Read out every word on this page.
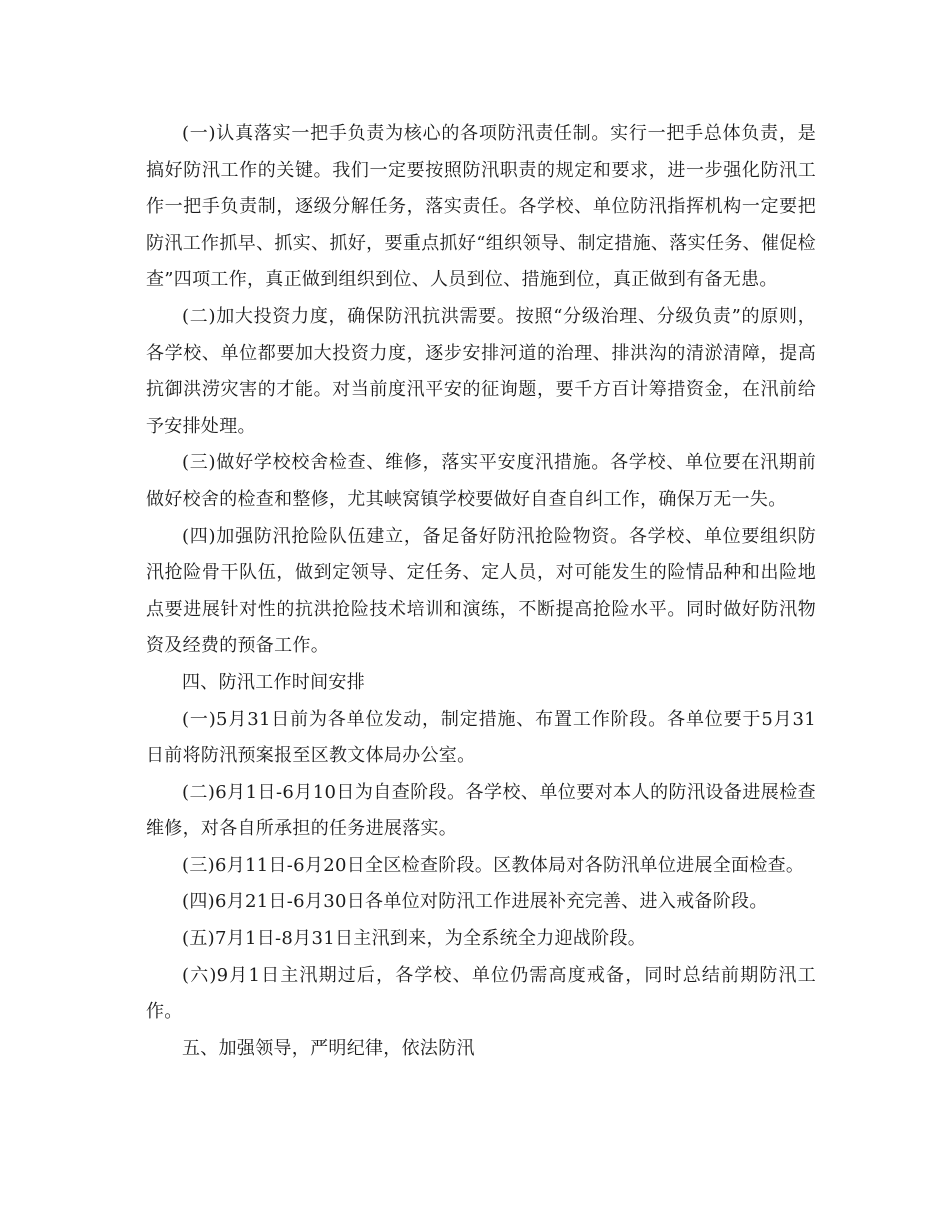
(一)认真落实一把手负责为核心的各项防汛责任制。实行一把手总体负责，是搞好防汛工作的关键。我们一定要按照防汛职责的规定和要求，进一步强化防汛工作一把手负责制，逐级分解任务，落实责任。各学校、单位防汛指挥机构一定要把防汛工作抓早、抓实、抓好，要重点抓好“组织领导、制定措施、落实任务、催促检查”四项工作，真正做到组织到位、人员到位、措施到位，真正做到有备无患。

(二)加大投资力度，确保防汛抗洪需要。按照“分级治理、分级负责”的原则，各学校、单位都要加大投资力度，逐步安排河道的治理、排洪沟的清淤清障，提高抗御洪涝灾害的才能。对当前度汛平安的征询题，要千方百计筹措资金，在汛前给予安排处理。

(三)做好学校校舍检查、维修，落实平安度汛措施。各学校、单位要在汛期前做好校舍的检查和整修，尤其峡窝镇学校要做好自查自纠工作，确保万无一失。

(四)加强防汛抢险队伍建立，备足备好防汛抢险物资。各学校、单位要组织防汛抢险骨干队伍，做到定领导、定任务、定人员，对可能发生的险情品种和出险地点要进展针对性的抗洪抢险技术培训和演练，不断提高抢险水平。同时做好防汛物资及经费的预备工作。

四、防汛工作时间安排

(一)5月31日前为各单位发动，制定措施、布置工作阶段。各单位要于5月31日前将防汛预案报至区教文体局办公室。

(二)6月1日-6月10日为自查阶段。各学校、单位要对本人的防汛设备进展检查维修，对各自所承担的任务进展落实。

(三)6月11日-6月20日全区检查阶段。区教体局对各防汛单位进展全面检查。

(四)6月21日-6月30日各单位对防汛工作进展补充完善、进入戒备阶段。

(五)7月1日-8月31日主汛到来，为全系统全力迎战阶段。

(六)9月1日主汛期过后，各学校、单位仍需高度戒备，同时总结前期防汛工作。

五、加强领导，严明纪律，依法防汛
